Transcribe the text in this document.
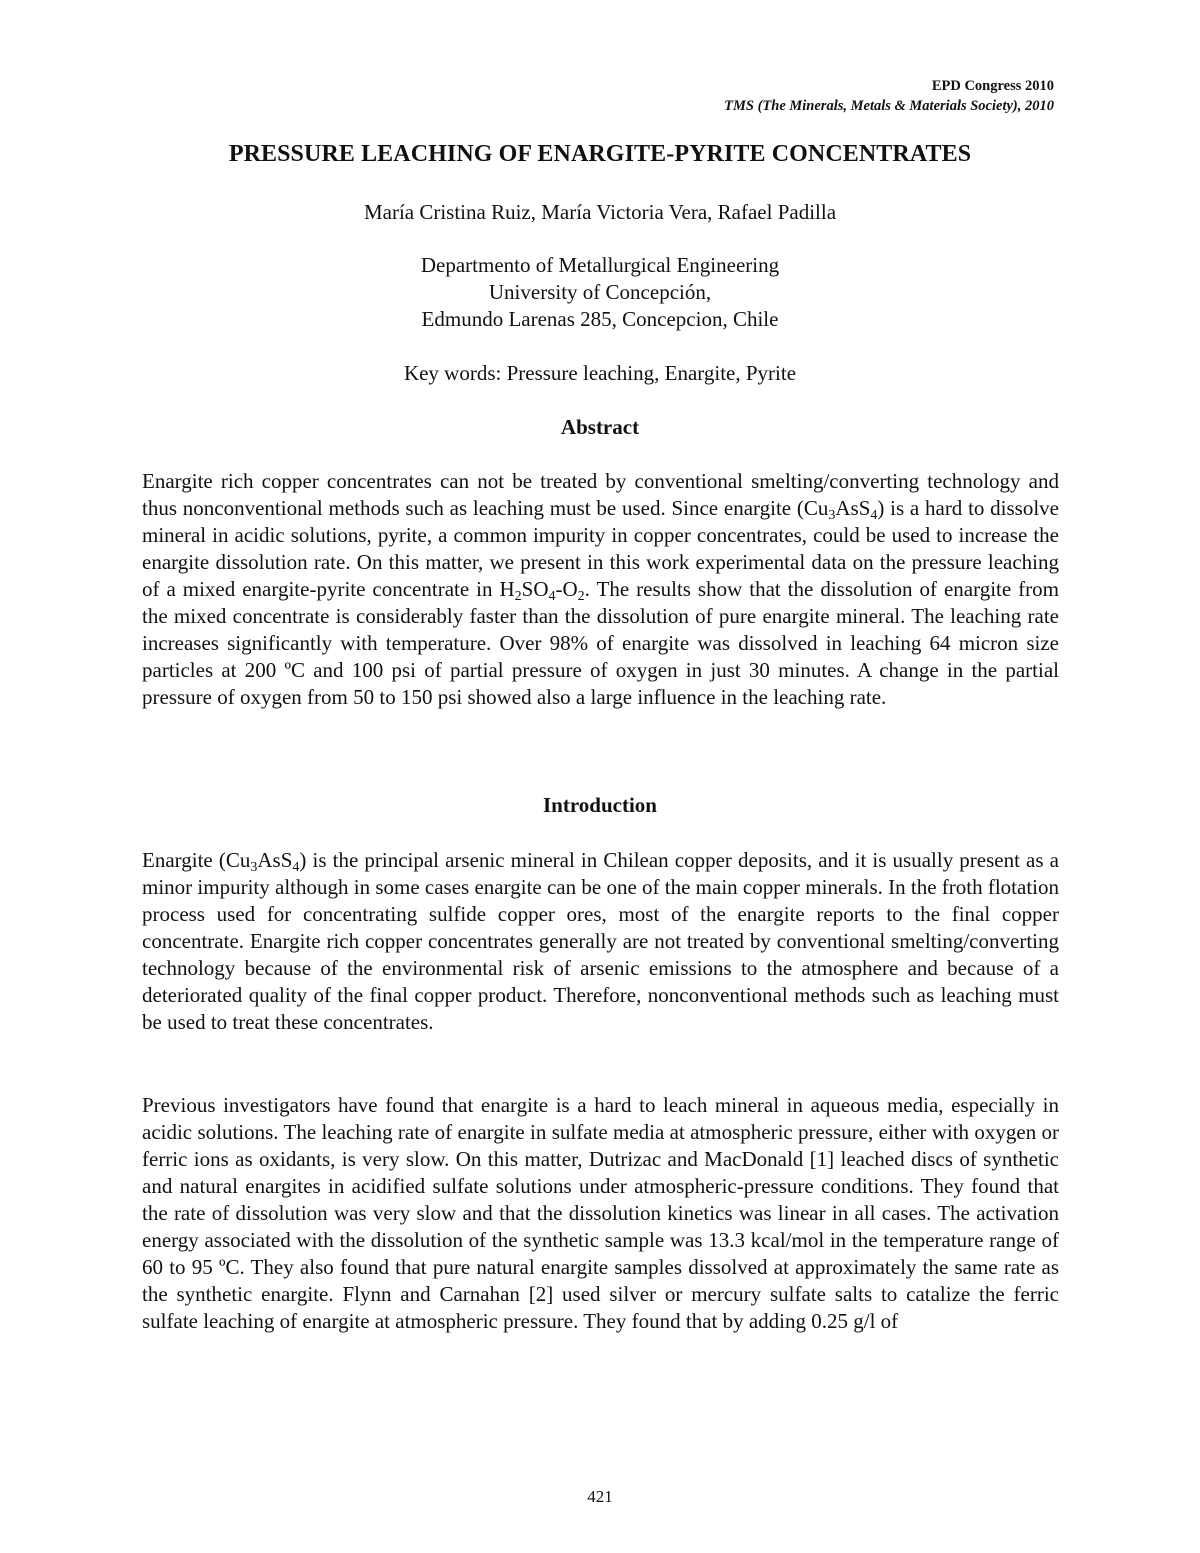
EPD Congress 2010
TMS (The Minerals, Metals & Materials Society), 2010
PRESSURE LEACHING OF ENARGITE-PYRITE CONCENTRATES
María Cristina Ruiz, María Victoria Vera, Rafael Padilla
Departmento of Metallurgical Engineering
University of Concepción,
Edmundo Larenas 285, Concepcion, Chile
Key words: Pressure leaching, Enargite, Pyrite
Abstract

Enargite rich copper concentrates can not be treated by conventional smelting/converting technology and thus nonconventional methods such as leaching must be used. Since enargite $(Cu_3AsS_4)$ is a hard to dissolve mineral in acidic solutions, pyrite, a common impurity in copper concentrates, could be used to increase the enargite dissolution rate. On this matter, we present in this work experimental data on the pressure leaching of a mixed enargite-pyrite concentrate in $H_2SO_4-O_2$. The results show that the dissolution of enargite from the mixed concentrate is considerably faster than the dissolution of pure enargite mineral. The leaching rate increases significantly with temperature. Over 98% of enargite was dissolved in leaching 64 micron size particles at 200 ºC and 100 psi of partial pressure of oxygen in just 30 minutes. A change in the partial pressure of oxygen from 50 to 150 psi showed also a large influence in the leaching rate.

Introduction

Enargite $(Cu_3AsS_4)$ is the principal arsenic mineral in Chilean copper deposits, and it is usually present as a minor impurity although in some cases enargite can be one of the main copper minerals. In the froth flotation process used for concentrating sulfide copper ores, most of the enargite reports to the final copper concentrate. Enargite rich copper concentrates generally are not treated by conventional smelting/converting technology because of the environmental risk of arsenic emissions to the atmosphere and because of a deteriorated quality of the final copper product. Therefore, nonconventional methods such as leaching must be used to treat these concentrates.

Previous investigators have found that enargite is a hard to leach mineral in aqueous media, especially in acidic solutions. The leaching rate of enargite in sulfate media at atmospheric pressure, either with oxygen or ferric ions as oxidants, is very slow. On this matter, Dutrizac and MacDonald [1] leached discs of synthetic and natural enargites in acidified sulfate solutions under atmospheric-pressure conditions. They found that the rate of dissolution was very slow and that the dissolution kinetics was linear in all cases. The activation energy associated with the dissolution of the synthetic sample was 13.3 kcal/mol in the temperature range of 60 to 95 ºC. They also found that pure natural enargite samples dissolved at approximately the same rate as the synthetic enargite. Flynn and Carnahan [2] used silver or mercury sulfate salts to catalize the ferric sulfate leaching of enargite at atmospheric pressure. They found that by adding 0.25 g/l of

421
